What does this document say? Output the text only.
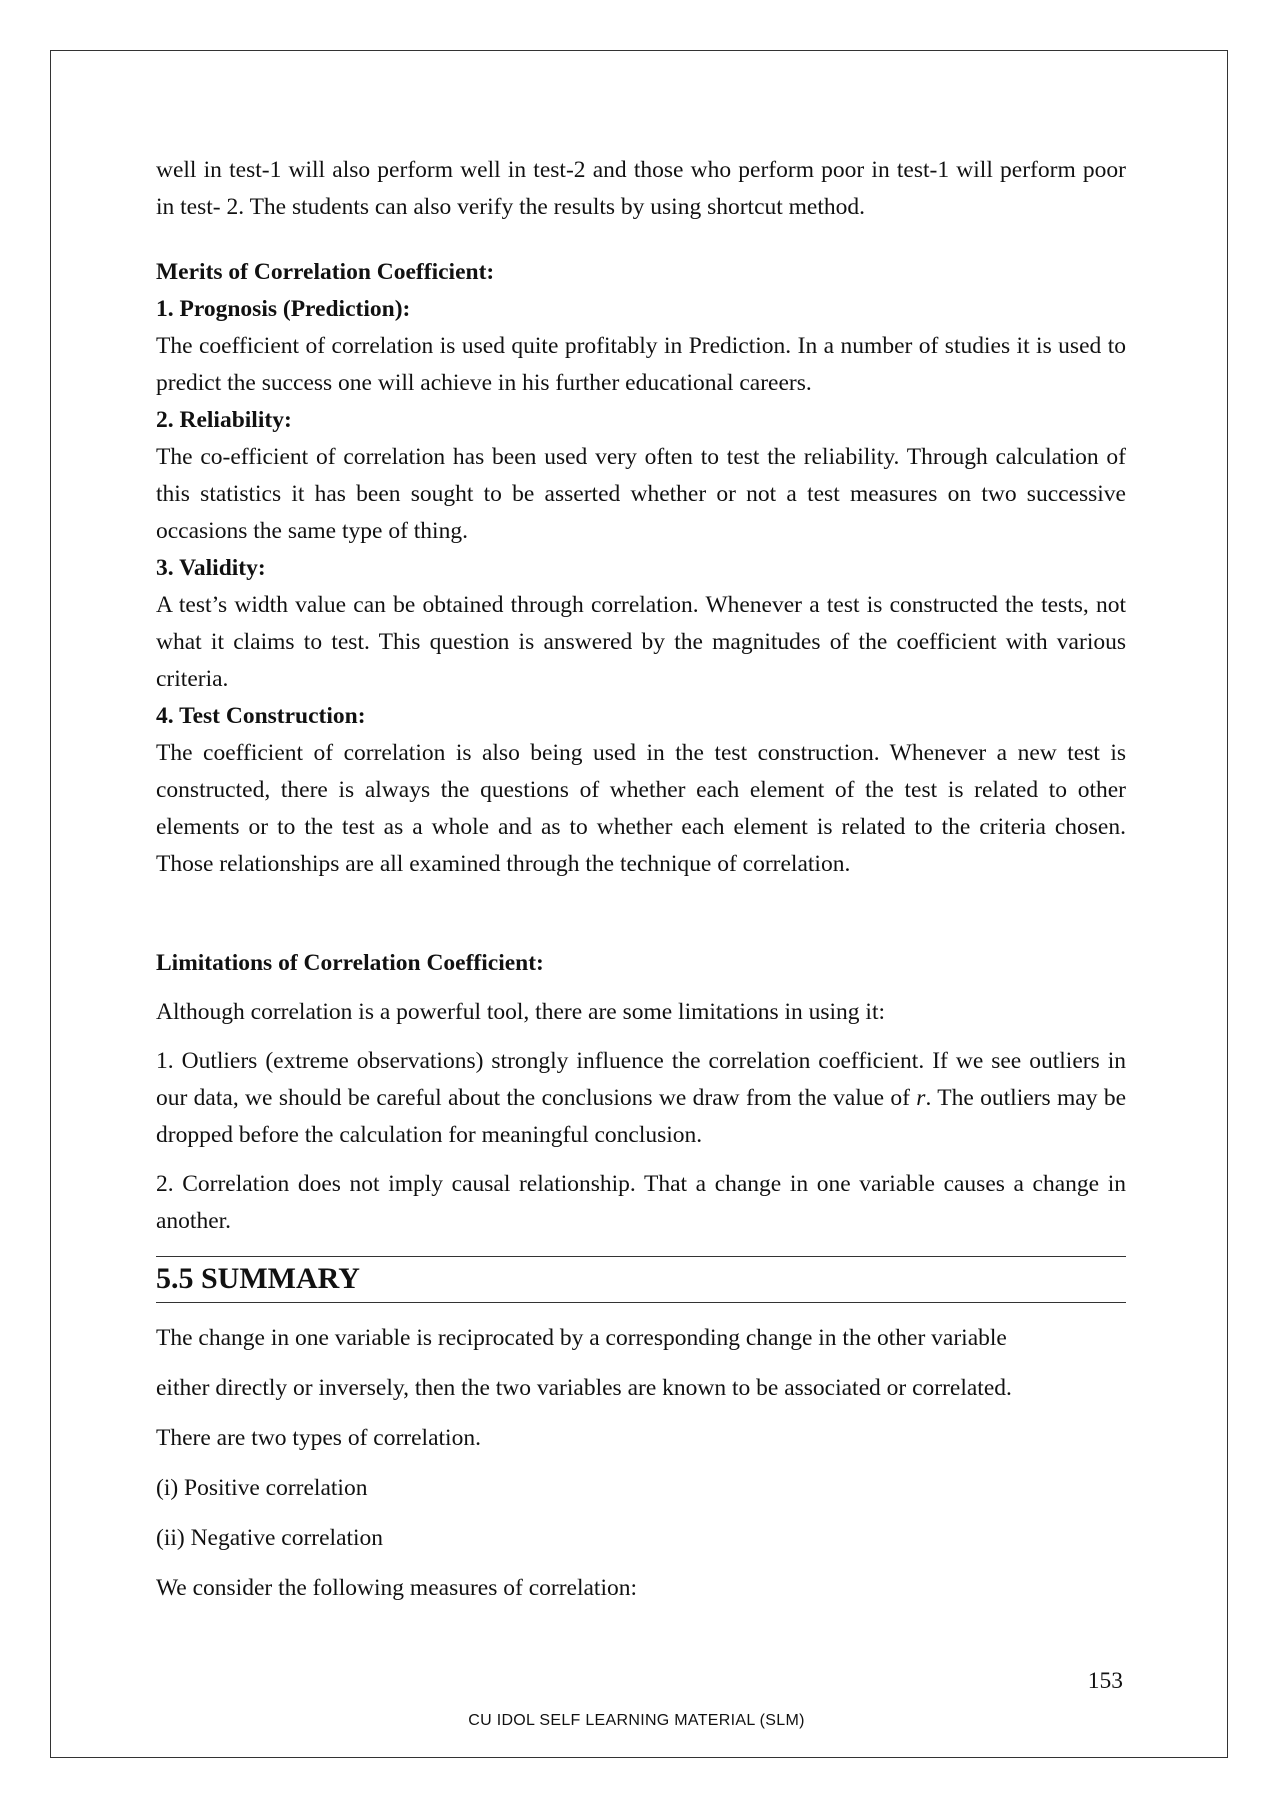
well in test-1 will also perform well in test-2 and those who perform poor in test-1 will perform poor in test- 2. The students can also verify the results by using shortcut method.

Merits of Correlation Coefficient:

1. Prognosis (Prediction):

The coefficient of correlation is used quite profitably in Prediction. In a number of studies it is used to predict the success one will achieve in his further educational careers.

2. Reliability:

The co-efficient of correlation has been used very often to test the reliability. Through calculation of this statistics it has been sought to be asserted whether or not a test measures on two successive occasions the same type of thing.

3. Validity:

A test’s width value can be obtained through correlation. Whenever a test is constructed the tests, not what it claims to test. This question is answered by the magnitudes of the coefficient with various criteria.

4. Test Construction:

The coefficient of correlation is also being used in the test construction. Whenever a new test is constructed, there is always the questions of whether each element of the test is related to other elements or to the test as a whole and as to whether each element is related to the criteria chosen. Those relationships are all examined through the technique of correlation.

Limitations of Correlation Coefficient:

Although correlation is a powerful tool, there are some limitations in using it:

1. Outliers (extreme observations) strongly influence the correlation coefficient. If we see outliers in our data, we should be careful about the conclusions we draw from the value of r. The outliers may be dropped before the calculation for meaningful conclusion.

2. Correlation does not imply causal relationship. That a change in one variable causes a change in another.

5.5 SUMMARY

The change in one variable is reciprocated by a corresponding change in the other variable

either directly or inversely, then the two variables are known to be associated or correlated.

There are two types of correlation.

(i) Positive correlation

(ii) Negative correlation

We consider the following measures of correlation:

153
CU IDOL SELF LEARNING MATERIAL (SLM)
